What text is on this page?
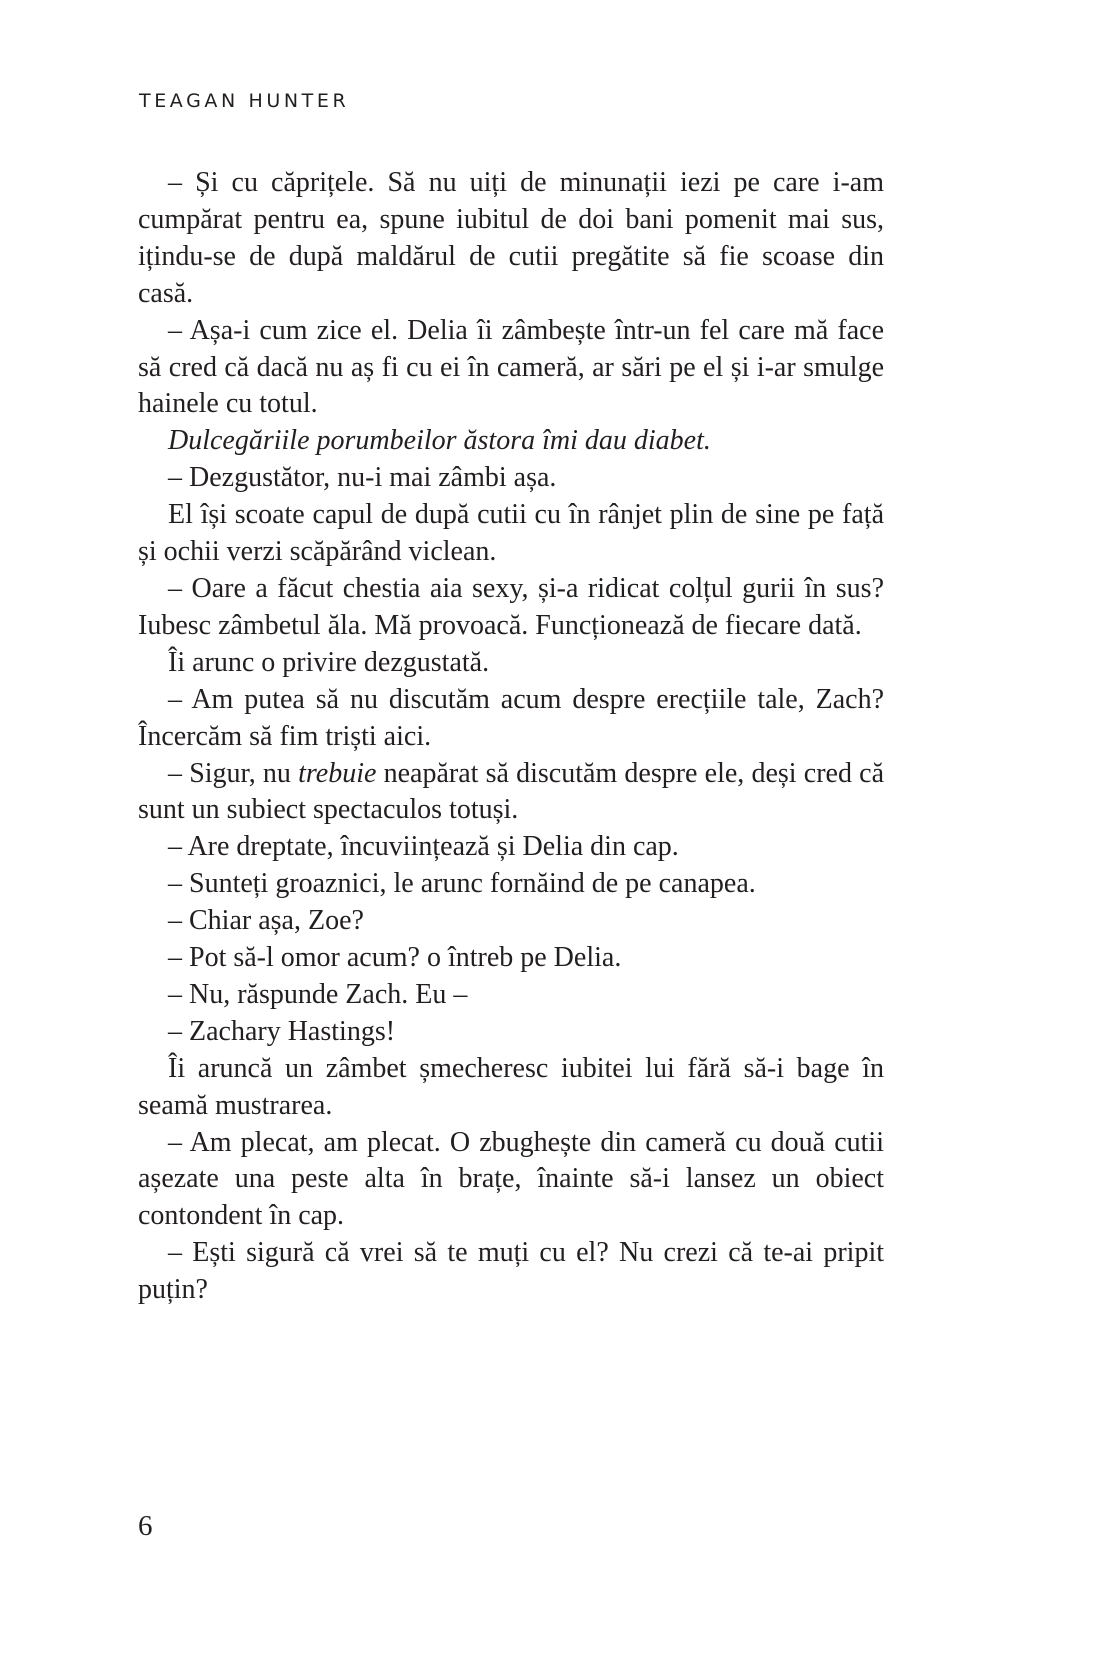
TEAGAN HUNTER

– Și cu căprițele. Să nu uiți de minunații iezi pe care i-am cumpărat pentru ea, spune iubitul de doi bani pomenit mai sus, ițindu-se de după maldărul de cutii pregătite să fie scoase din casă.

– Așa-i cum zice el. Delia îi zâmbește într-un fel care mă face să cred că dacă nu aș fi cu ei în cameră, ar sări pe el și i-ar smulge hainele cu totul.

Dulcegăriile porumbeilor ăstora îmi dau diabet.

– Dezgustător, nu-i mai zâmbi așa.

El își scoate capul de după cutii cu în rânjet plin de sine pe față și ochii verzi scăpărând viclean.

– Oare a făcut chestia aia sexy, și-a ridicat colțul gurii în sus? Iubesc zâmbetul ăla. Mă provoacă. Funcționează de fiecare dată.

Îi arunc o privire dezgustată.

– Am putea să nu discutăm acum despre erecțiile tale, Zach? Încercăm să fim triști aici.

– Sigur, nu trebuie neapărat să discutăm despre ele, deși cred că sunt un subiect spectaculos totuși.

– Are dreptate, încuviințează și Delia din cap.

– Sunteți groaznici, le arunc fornăind de pe canapea.

– Chiar așa, Zoe?

– Pot să-l omor acum? o întreb pe Delia.

– Nu, răspunde Zach. Eu –

– Zachary Hastings!

Îi aruncă un zâmbet șmecheresc iubitei lui fără să-i bage în seamă mustrarea.

– Am plecat, am plecat. O zbughește din cameră cu două cutii așezate una peste alta în brațe, înainte să-i lansez un obiect contondent în cap.

– Ești sigură că vrei să te muți cu el? Nu crezi că te-ai pripit puțin?

6
